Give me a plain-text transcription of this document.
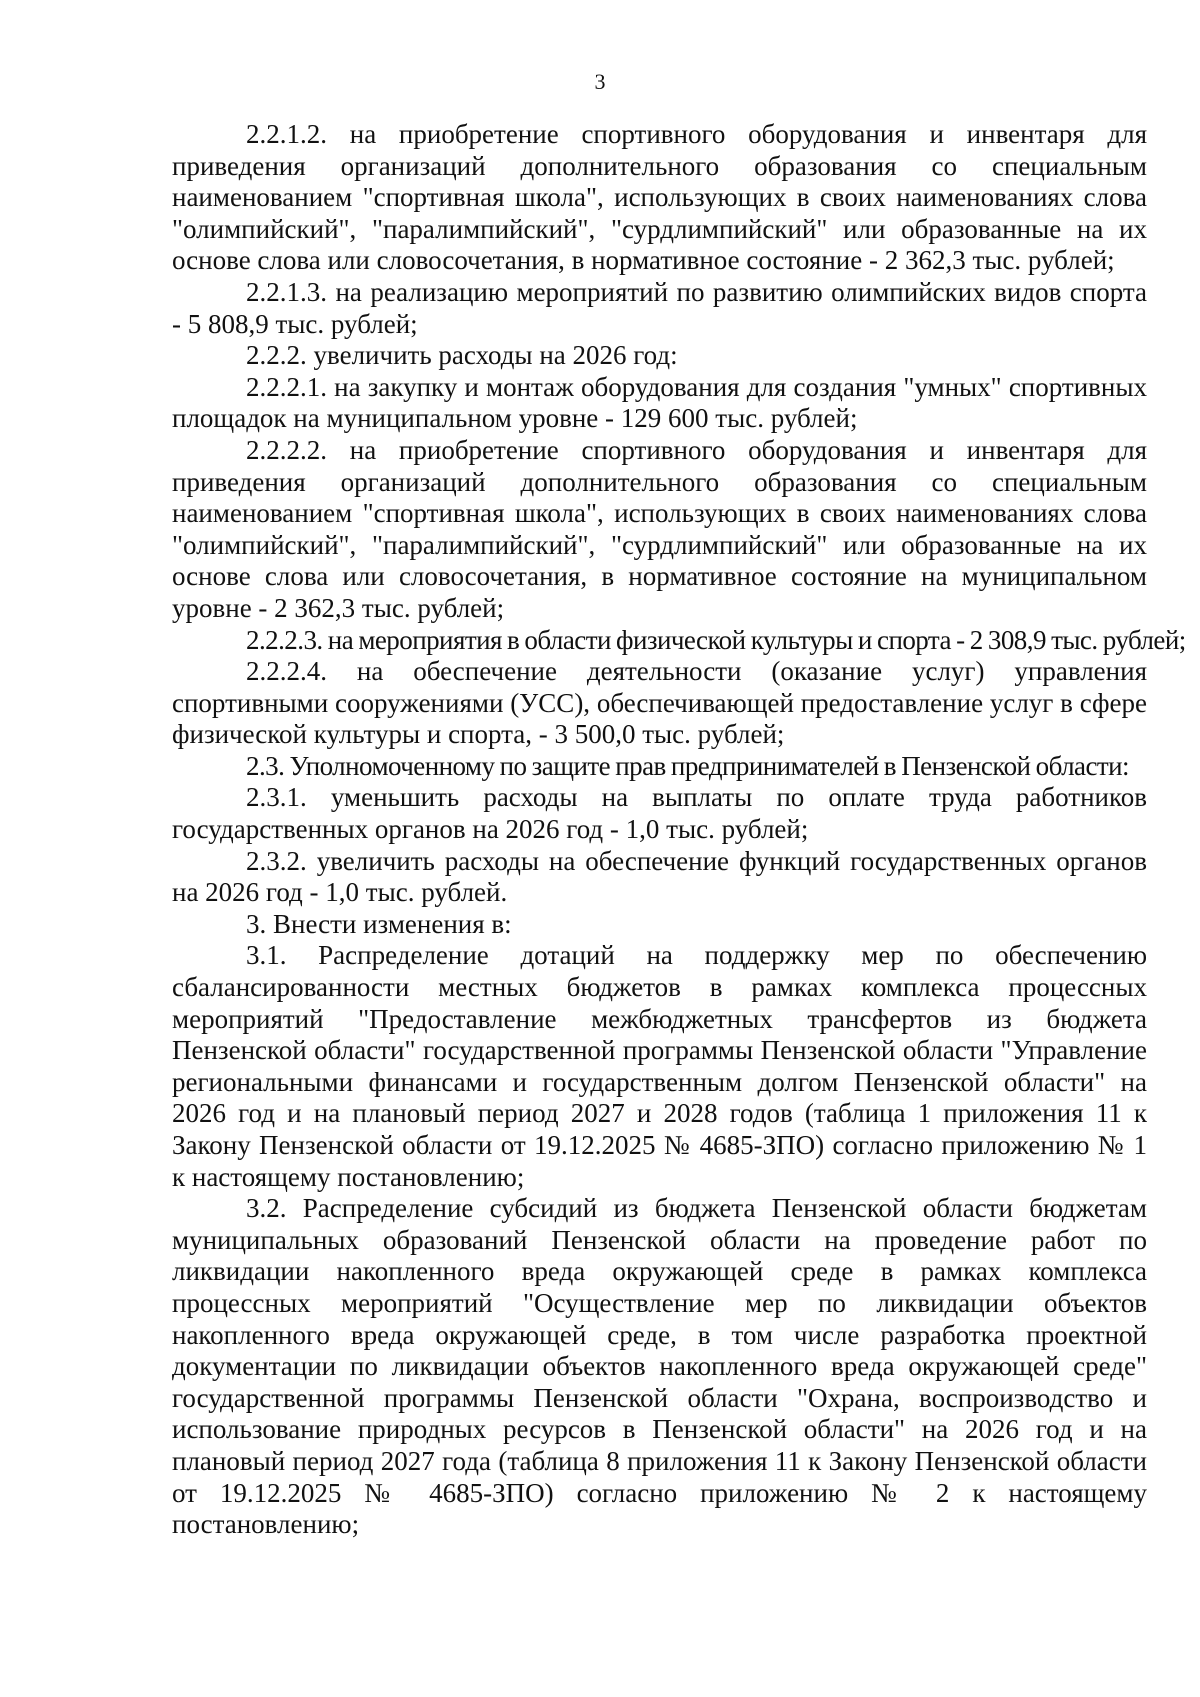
3

2.2.1.2. на приобретение спортивного оборудования и инвентаря для приведения организаций дополнительного образования со специальным наименованием "спортивная школа", использующих в своих наименованиях слова "олимпийский", "паралимпийский", "сурдлимпийский" или образованные на их основе слова или словосочетания, в нормативное состояние - 2 362,3 тыс. рублей;

2.2.1.3. на реализацию мероприятий по развитию олимпийских видов спорта - 5 808,9 тыс. рублей;

2.2.2. увеличить расходы на 2026 год:

2.2.2.1. на закупку и монтаж оборудования для создания "умных" спортивных площадок на муниципальном уровне - 129 600 тыс. рублей;

2.2.2.2. на приобретение спортивного оборудования и инвентаря для приведения организаций дополнительного образования со специальным наименованием "спортивная школа", использующих в своих наименованиях слова "олимпийский", "паралимпийский", "сурдлимпийский" или образованные на их основе слова или словосочетания, в нормативное состояние на муниципальном уровне - 2 362,3 тыс. рублей;

2.2.2.3. на мероприятия в области физической культуры и спорта - 2 308,9 тыс. рублей;

2.2.2.4. на обеспечение деятельности (оказание услуг) управления спортивными сооружениями (УСС), обеспечивающей предоставление услуг в сфере физической культуры и спорта, - 3 500,0 тыс. рублей;

2.3. Уполномоченному по защите прав предпринимателей в Пензенской области:

2.3.1. уменьшить расходы на выплаты по оплате труда работников государственных органов на 2026 год - 1,0 тыс. рублей;

2.3.2. увеличить расходы на обеспечение функций государственных органов на 2026 год - 1,0 тыс. рублей.

3. Внести изменения в:

3.1. Распределение дотаций на поддержку мер по обеспечению сбалансированности местных бюджетов в рамках комплекса процессных мероприятий "Предоставление межбюджетных трансфертов из бюджета Пензенской области" государственной программы Пензенской области "Управление региональными финансами и государственным долгом Пензенской области" на 2026 год и на плановый период 2027 и 2028 годов (таблица 1 приложения 11 к Закону Пензенской области от 19.12.2025 № 4685-ЗПО) согласно приложению № 1 к настоящему постановлению;

3.2. Распределение субсидий из бюджета Пензенской области бюджетам муниципальных образований Пензенской области на проведение работ по ликвидации накопленного вреда окружающей среде в рамках комплекса процессных мероприятий "Осуществление мер по ликвидации объектов накопленного вреда окружающей среде, в том числе разработка проектной документации по ликвидации объектов накопленного вреда окружающей среде" государственной программы Пензенской области "Охрана, воспроизводство и использование природных ресурсов в Пензенской области" на 2026 год и на плановый период 2027 года (таблица 8 приложения 11 к Закону Пензенской области от 19.12.2025 № 4685-ЗПО) согласно приложению № 2 к настоящему постановлению;
